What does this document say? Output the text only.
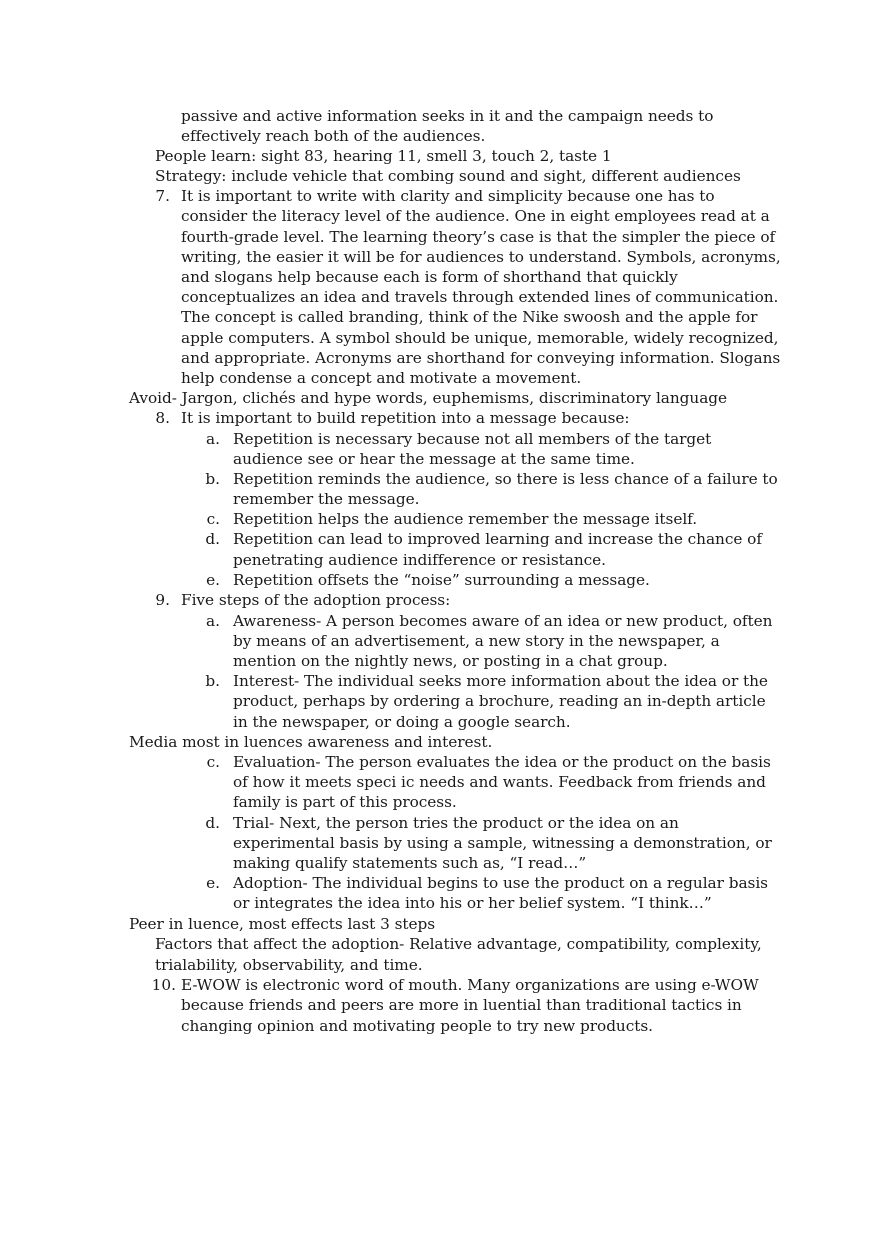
passive and active information seeks in it and the campaign needs to
effectively reach both of the audiences.
People learn: sight 83, hearing 11, smell 3, touch 2, taste 1
Strategy: include vehicle that combing sound and sight, different audiences
7. It is important to write with clarity and simplicity because one has to
consider the literacy level of the audience. One in eight employees read at a
fourth-grade level. The learning theory’s case is that the simpler the piece of
writing, the easier it will be for audiences to understand. Symbols, acronyms,
and slogans help because each is form of shorthand that quickly
conceptualizes an idea and travels through extended lines of communication.
The concept is called branding, think of the Nike swoosh and the apple for
apple computers. A symbol should be unique, memorable, widely recognized,
and appropriate. Acronyms are shorthand for conveying information. Slogans
help condense a concept and motivate a movement.
Avoid- Jargon, clichés and hype words, euphemisms, discriminatory language
8. It is important to build repetition into a message because:
a. Repetition is necessary because not all members of the target
audience see or hear the message at the same time.
b. Repetition reminds the audience, so there is less chance of a failure to
remember the message.
c. Repetition helps the audience remember the message itself.
d. Repetition can lead to improved learning and increase the chance of
penetrating audience indifference or resistance.
e. Repetition offsets the “noise” surrounding a message.
9. Five steps of the adoption process:
a. Awareness- A person becomes aware of an idea or new product, often
by means of an advertisement, a new story in the newspaper, a
mention on the nightly news, or posting in a chat group.
b. Interest- The individual seeks more information about the idea or the
product, perhaps by ordering a brochure, reading an in-depth article
in the newspaper, or doing a google search.
Media most in luences awareness and interest.
c. Evaluation- The person evaluates the idea or the product on the basis
of how it meets speci ic needs and wants. Feedback from friends and
family is part of this process.
d. Trial- Next, the person tries the product or the idea on an
experimental basis by using a sample, witnessing a demonstration, or
making qualify statements such as, “I read…”
e. Adoption- The individual begins to use the product on a regular basis
or integrates the idea into his or her belief system. “I think…”
Peer in luence, most effects last 3 steps
Factors that affect the adoption- Relative advantage, compatibility, complexity,
trialability, observability, and time.
10. E-WOW is electronic word of mouth. Many organizations are using e-WOW
because friends and peers are more in luential than traditional tactics in
changing opinion and motivating people to try new products.
